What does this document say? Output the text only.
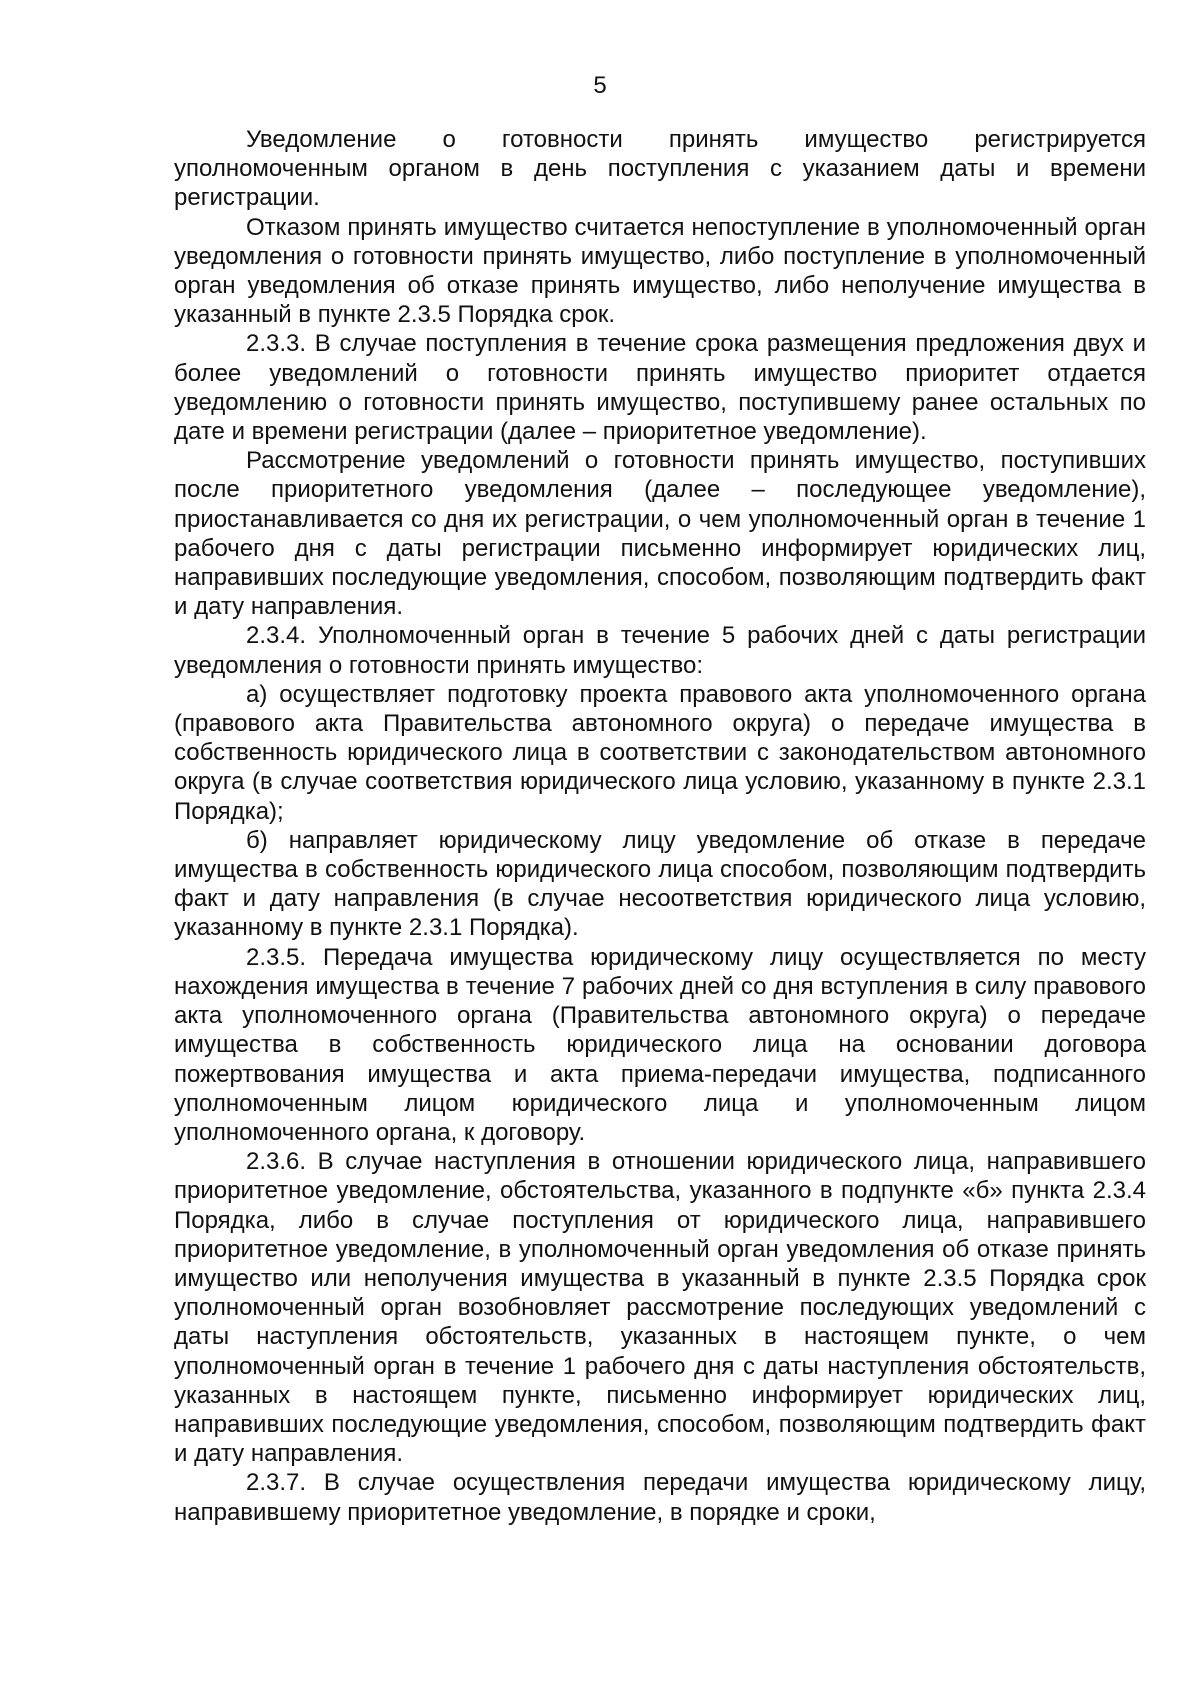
5

Уведомление о готовности принять имущество регистрируется уполномоченным органом в день поступления с указанием даты и времени регистрации.

Отказом принять имущество считается непоступление в уполномоченный орган уведомления о готовности принять имущество, либо поступление в уполномоченный орган уведомления об отказе принять имущество, либо неполучение имущества в указанный в пункте 2.3.5 Порядка срок.

2.3.3. В случае поступления в течение срока размещения предложения двух и более уведомлений о готовности принять имущество приоритет отдается уведомлению о готовности принять имущество, поступившему ранее остальных по дате и времени регистрации (далее – приоритетное уведомление).

Рассмотрение уведомлений о готовности принять имущество, поступивших после приоритетного уведомления (далее – последующее уведомление), приостанавливается со дня их регистрации, о чем уполномоченный орган в течение 1 рабочего дня с даты регистрации письменно информирует юридических лиц, направивших последующие уведомления, способом, позволяющим подтвердить факт и дату направления.

2.3.4. Уполномоченный орган в течение 5 рабочих дней с даты регистрации уведомления о готовности принять имущество:

а) осуществляет подготовку проекта правового акта уполномоченного органа (правового акта Правительства автономного округа) о передаче имущества в собственность юридического лица в соответствии с законодательством автономного округа (в случае соответствия юридического лица условию, указанному в пункте 2.3.1 Порядка);

б) направляет юридическому лицу уведомление об отказе в передаче имущества в собственность юридического лица способом, позволяющим подтвердить факт и дату направления (в случае несоответствия юридического лица условию, указанному в пункте 2.3.1 Порядка).

2.3.5. Передача имущества юридическому лицу осуществляется по месту нахождения имущества в течение 7 рабочих дней со дня вступления в силу правового акта уполномоченного органа (Правительства автономного округа) о передаче имущества в собственность юридического лица на основании договора пожертвования имущества и акта приема-передачи имущества, подписанного уполномоченным лицом юридического лица и уполномоченным лицом уполномоченного органа, к договору.

2.3.6. В случае наступления в отношении юридического лица, направившего приоритетное уведомление, обстоятельства, указанного в подпункте «б» пункта 2.3.4 Порядка, либо в случае поступления от юридического лица, направившего приоритетное уведомление, в уполномоченный орган уведомления об отказе принять имущество или неполучения имущества в указанный в пункте 2.3.5 Порядка срок уполномоченный орган возобновляет рассмотрение последующих уведомлений с даты наступления обстоятельств, указанных в настоящем пункте, о чем уполномоченный орган в течение 1 рабочего дня с даты наступления обстоятельств, указанных в настоящем пункте, письменно информирует юридических лиц, направивших последующие уведомления, способом, позволяющим подтвердить факт и дату направления.

2.3.7. В случае осуществления передачи имущества юридическому лицу, направившему приоритетное уведомление, в порядке и сроки,
